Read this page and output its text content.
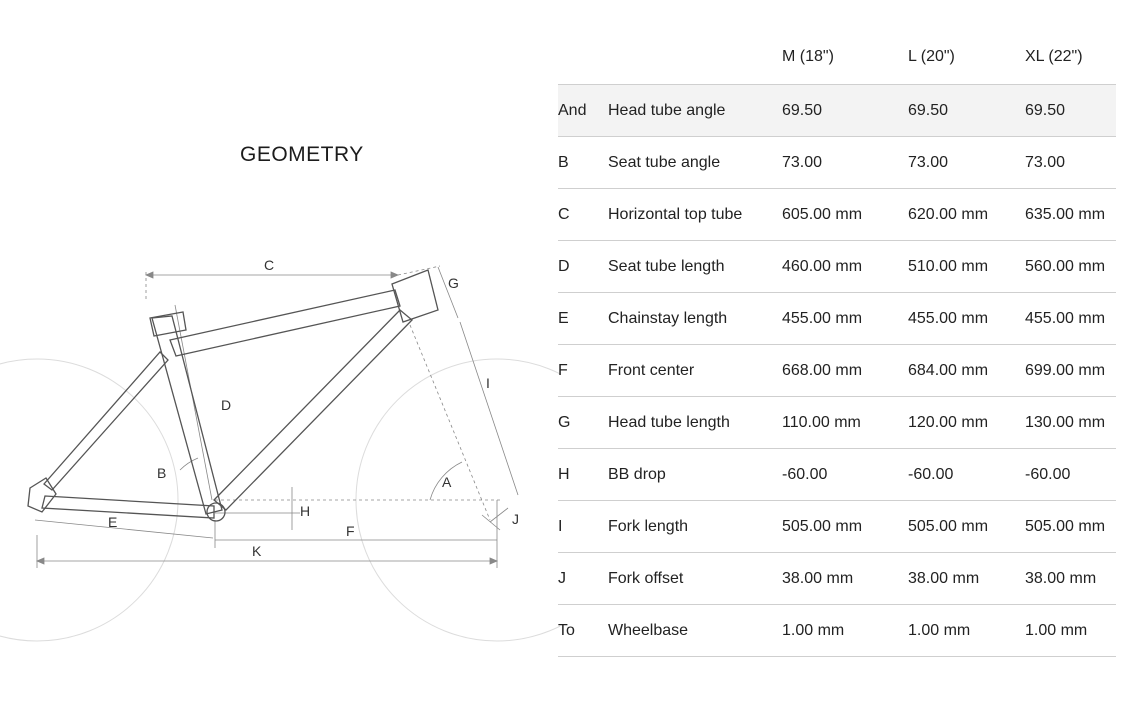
GEOMETRY
C
G
I
D
B
A
H	J
E
F
K
		M (18")	L (20")	XL (22")
And	Head tube angle	69.50	69.50	69.50
B	Seat tube angle	73.00	73.00	73.00
C	Horizontal top tube	605.00 mm	620.00 mm	635.00 mm
D	Seat tube length	460.00 mm	510.00 mm	560.00 mm
E	Chainstay length	455.00 mm	455.00 mm	455.00 mm
F	Front center	668.00 mm	684.00 mm	699.00 mm
G	Head tube length	110.00 mm	120.00 mm	130.00 mm
H	BB drop	-60.00	-60.00	-60.00
I	Fork length	505.00 mm	505.00 mm	505.00 mm
J	Fork offset	38.00 mm	38.00 mm	38.00 mm
To	Wheelbase	1.00 mm	1.00 mm	1.00 mm
